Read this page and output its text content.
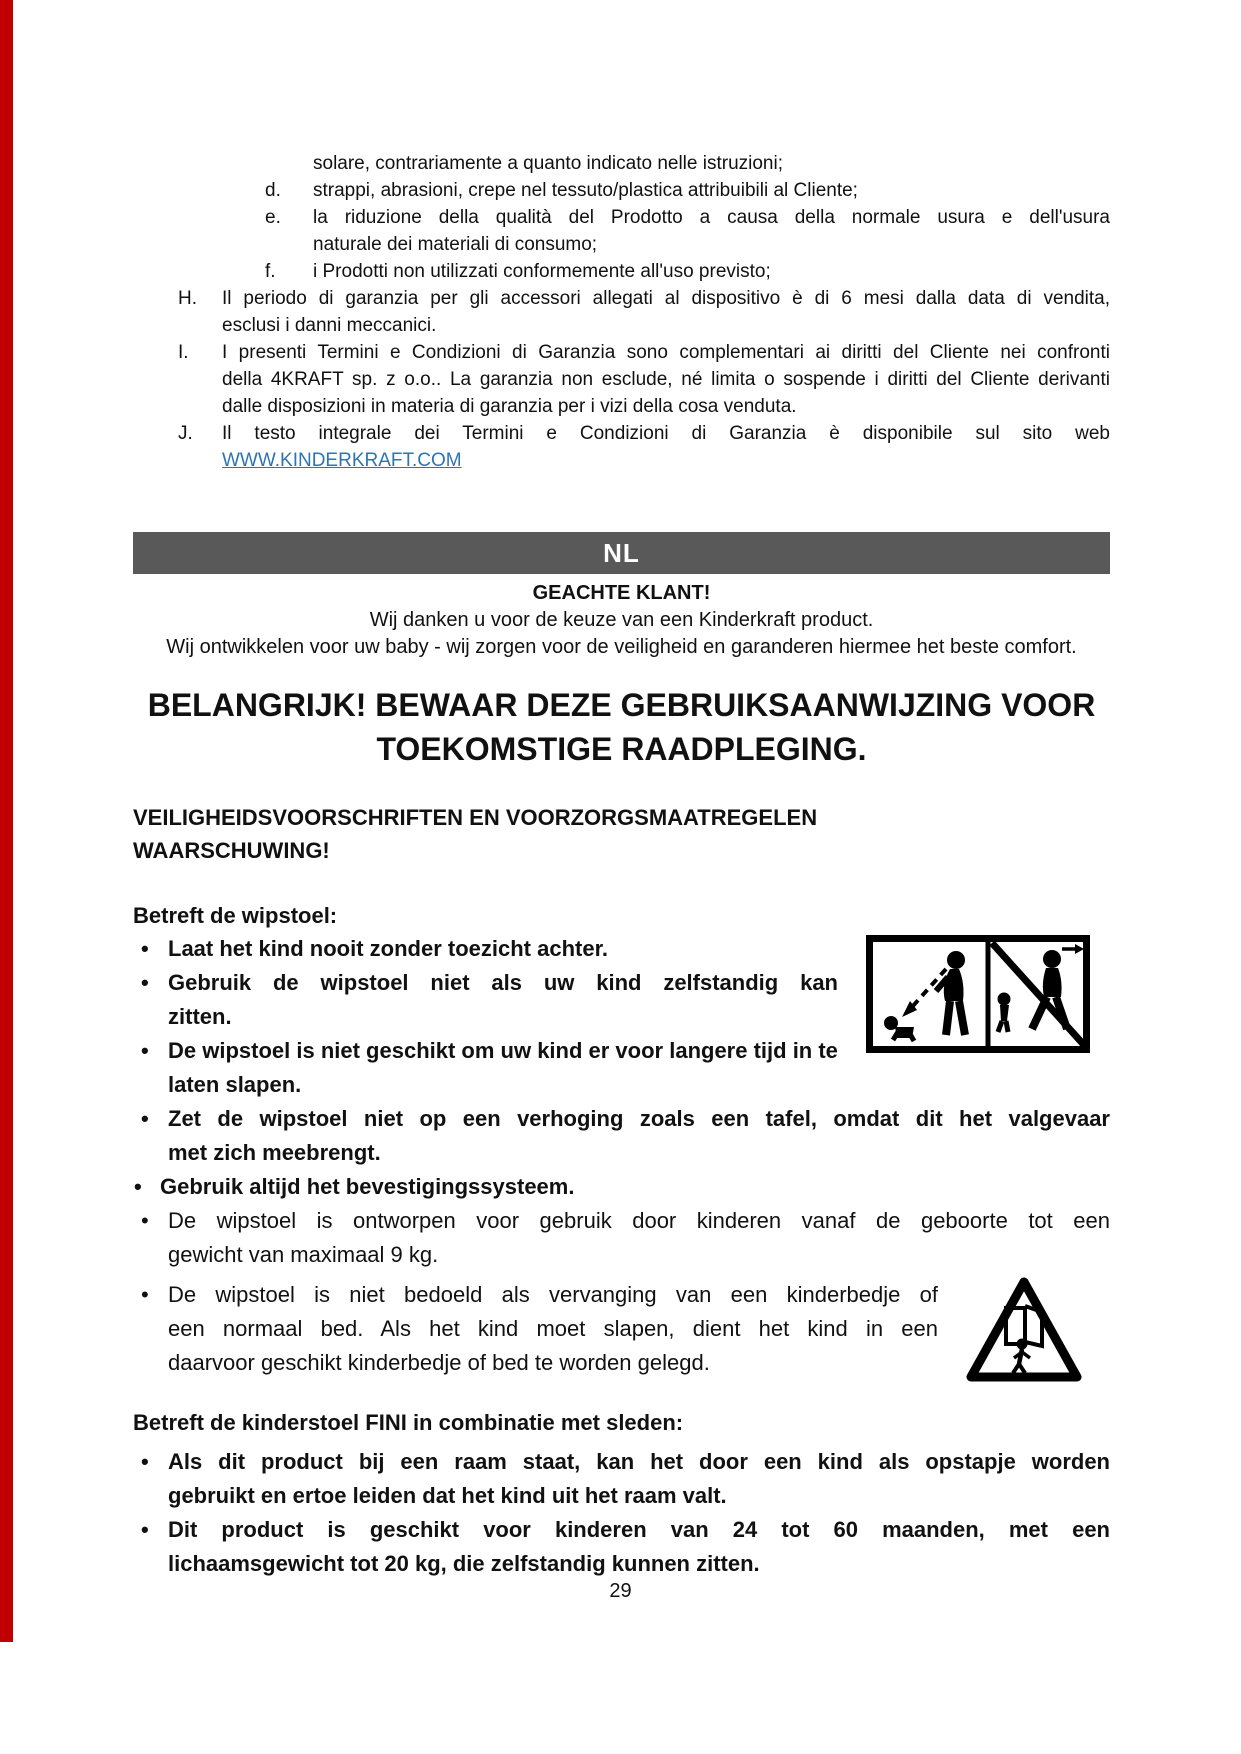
solare, contrariamente a quanto indicato nelle istruzioni;
d.	strappi, abrasioni, crepe nel tessuto/plastica attribuibili al Cliente;
e.	la riduzione della qualità del Prodotto a causa della normale usura e dell'usura
naturale dei materiali di consumo;
f.	i Prodotti non utilizzati conformemente all'uso previsto;
H.	Il periodo di garanzia per gli accessori allegati al dispositivo è di 6 mesi dalla data di vendita,
esclusi i danni meccanici.
I.	I presenti Termini e Condizioni di Garanzia sono complementari ai diritti del Cliente nei confronti
della 4KRAFT sp. z o.o.. La garanzia non esclude, né limita o sospende i diritti del Cliente derivanti
dalle disposizioni in materia di garanzia per i vizi della cosa venduta.
J.	Il testo integrale dei Termini e Condizioni di Garanzia è disponibile sul sito web
WWW.KINDERKRAFT.COM
NL
GEACHTE KLANT!
Wij danken u voor de keuze van een Kinderkraft product.
Wij ontwikkelen voor uw baby - wij zorgen voor de veiligheid en garanderen hiermee het beste comfort.
BELANGRIJK! BEWAAR DEZE GEBRUIKSAANWIJZING VOOR
TOEKOMSTIGE RAADPLEGING.
VEILIGHEIDSVOORSCHRIFTEN EN VOORZORGSMAATREGELEN
WAARSCHUWING!
Betreft de wipstoel:
• Laat het kind nooit zonder toezicht achter.
• Gebruik de wipstoel niet als uw kind zelfstandig kan
zitten.
• De wipstoel is niet geschikt om uw kind er voor langere tijd in te laten slapen.
• Zet de wipstoel niet op een verhoging zoals een tafel, omdat dit het valgevaar
met zich meebrengt.
• Gebruik altijd het bevestigingssysteem.
• De wipstoel is ontworpen voor gebruik door kinderen vanaf de geboorte tot een
gewicht van maximaal 9 kg.
• De wipstoel is niet bedoeld als vervanging van een kinderbedje of
een normaal bed. Als het kind moet slapen, dient het kind in een
daarvoor geschikt kinderbedje of bed te worden gelegd.
Betreft de kinderstoel FINI in combinatie met sleden:
• Als dit product bij een raam staat, kan het door een kind als opstapje worden
gebruikt en ertoe leiden dat het kind uit het raam valt.
• Dit product is geschikt voor kinderen van 24 tot 60 maanden, met een
lichaamsgewicht tot 20 kg, die zelfstandig kunnen zitten.
29
